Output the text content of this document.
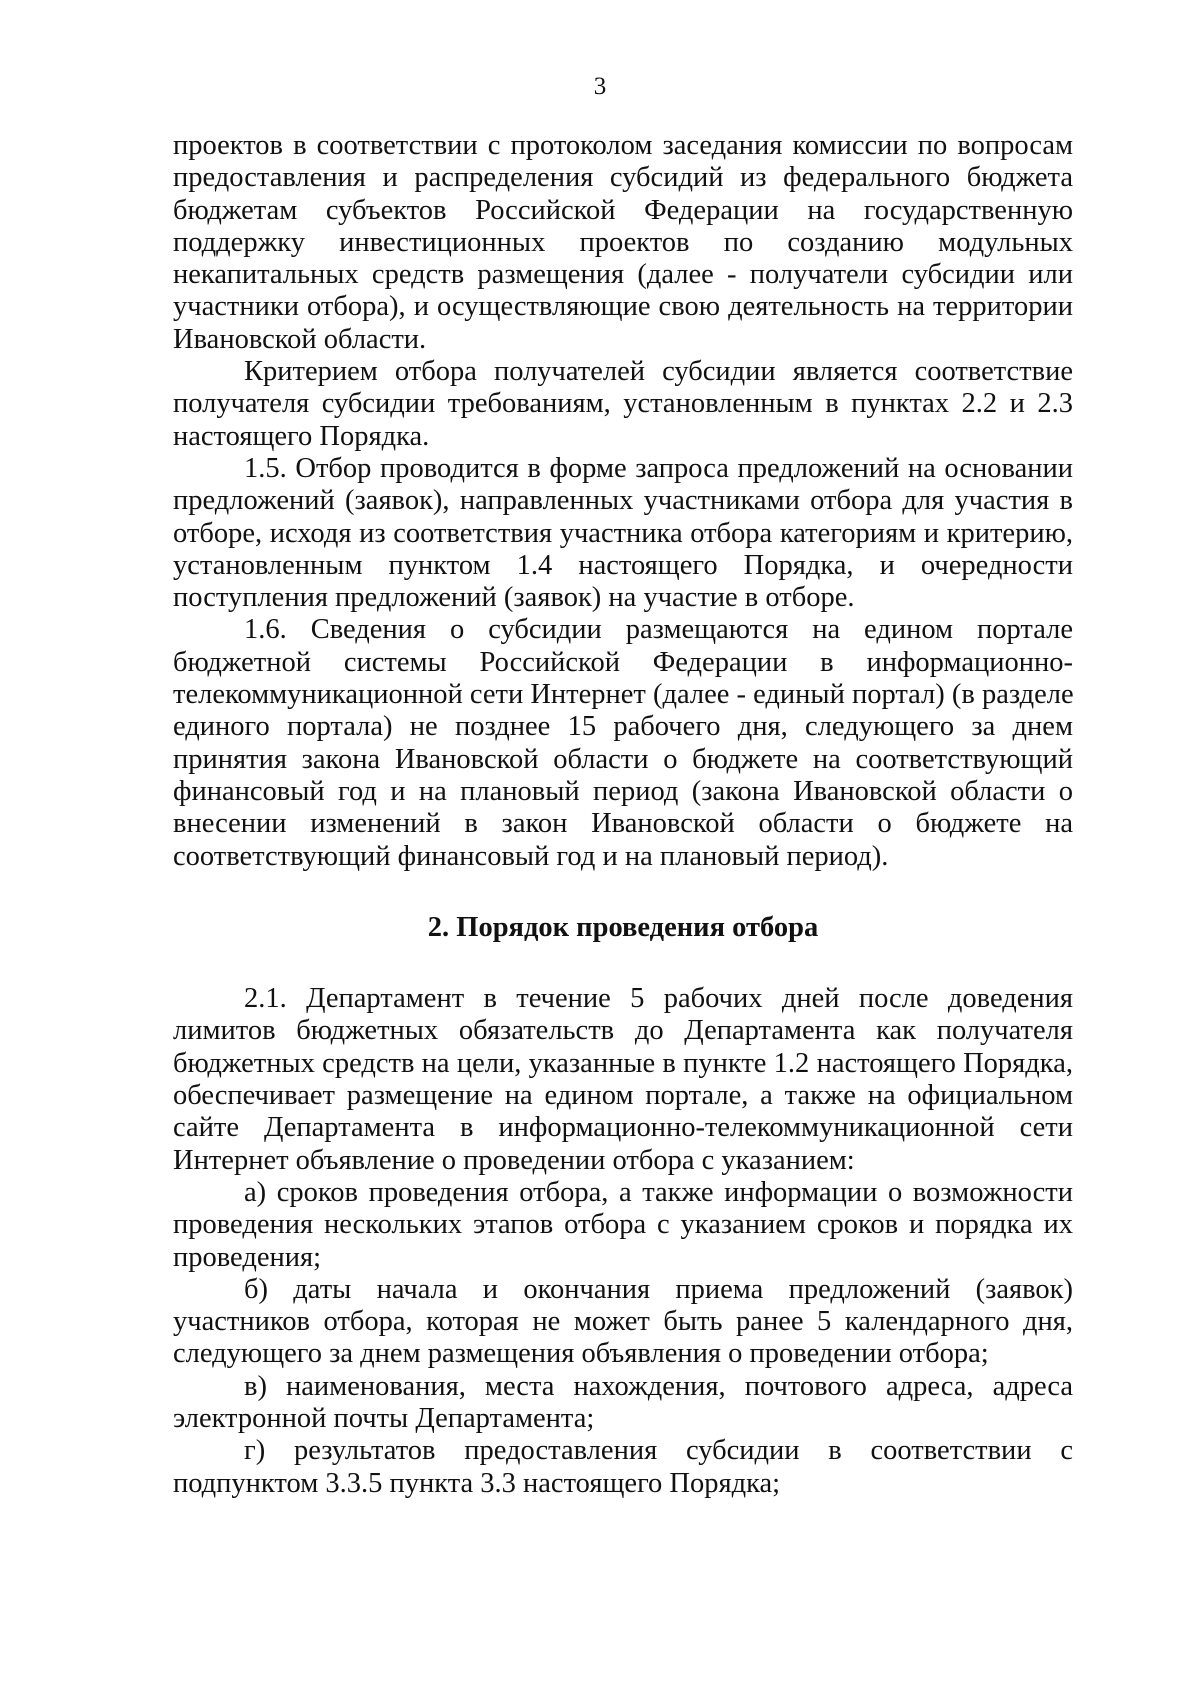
3
проектов в соответствии с протоколом заседания комиссии по вопросам
предоставления и распределения субсидий из федерального бюджета
бюджетам субъектов Российской Федерации на государственную
поддержку инвестиционных проектов по созданию модульных
некапитальных средств размещения (далее - получатели субсидии или
участники отбора), и осуществляющие свою деятельность на территории
Ивановской области.
Критерием отбора получателей субсидии является соответствие
получателя субсидии требованиям, установленным в пунктах 2.2 и 2.3
настоящего Порядка.
1.5. Отбор проводится в форме запроса предложений на основании
предложений (заявок), направленных участниками отбора для участия в
отборе, исходя из соответствия участника отбора категориям и критерию,
установленным пунктом 1.4 настоящего Порядка, и очередности
поступления предложений (заявок) на участие в отборе.
1.6. Сведения о субсидии размещаются на едином портале
бюджетной системы Российской Федерации в информационно-
телекоммуникационной сети Интернет (далее - единый портал) (в разделе
единого портала) не позднее 15 рабочего дня, следующего за днем
принятия закона Ивановской области о бюджете на соответствующий
финансовый год и на плановый период (закона Ивановской области о
внесении изменений в закон Ивановской области о бюджете на
соответствующий финансовый год и на плановый период).
2. Порядок проведения отбора
2.1. Департамент в течение 5 рабочих дней после доведения
лимитов бюджетных обязательств до Департамента как получателя
бюджетных средств на цели, указанные в пункте 1.2 настоящего Порядка,
обеспечивает размещение на едином портале, а также на официальном
сайте Департамента в информационно-телекоммуникационной сети
Интернет объявление о проведении отбора с указанием:
а) сроков проведения отбора, а также информации о возможности
проведения нескольких этапов отбора с указанием сроков и порядка их
проведения;
б) даты начала и окончания приема предложений (заявок)
участников отбора, которая не может быть ранее 5 календарного дня,
следующего за днем размещения объявления о проведении отбора;
в) наименования, места нахождения, почтового адреса, адреса
электронной почты Департамента;
г) результатов предоставления субсидии в соответствии с
подпунктом 3.3.5 пункта 3.3 настоящего Порядка;
